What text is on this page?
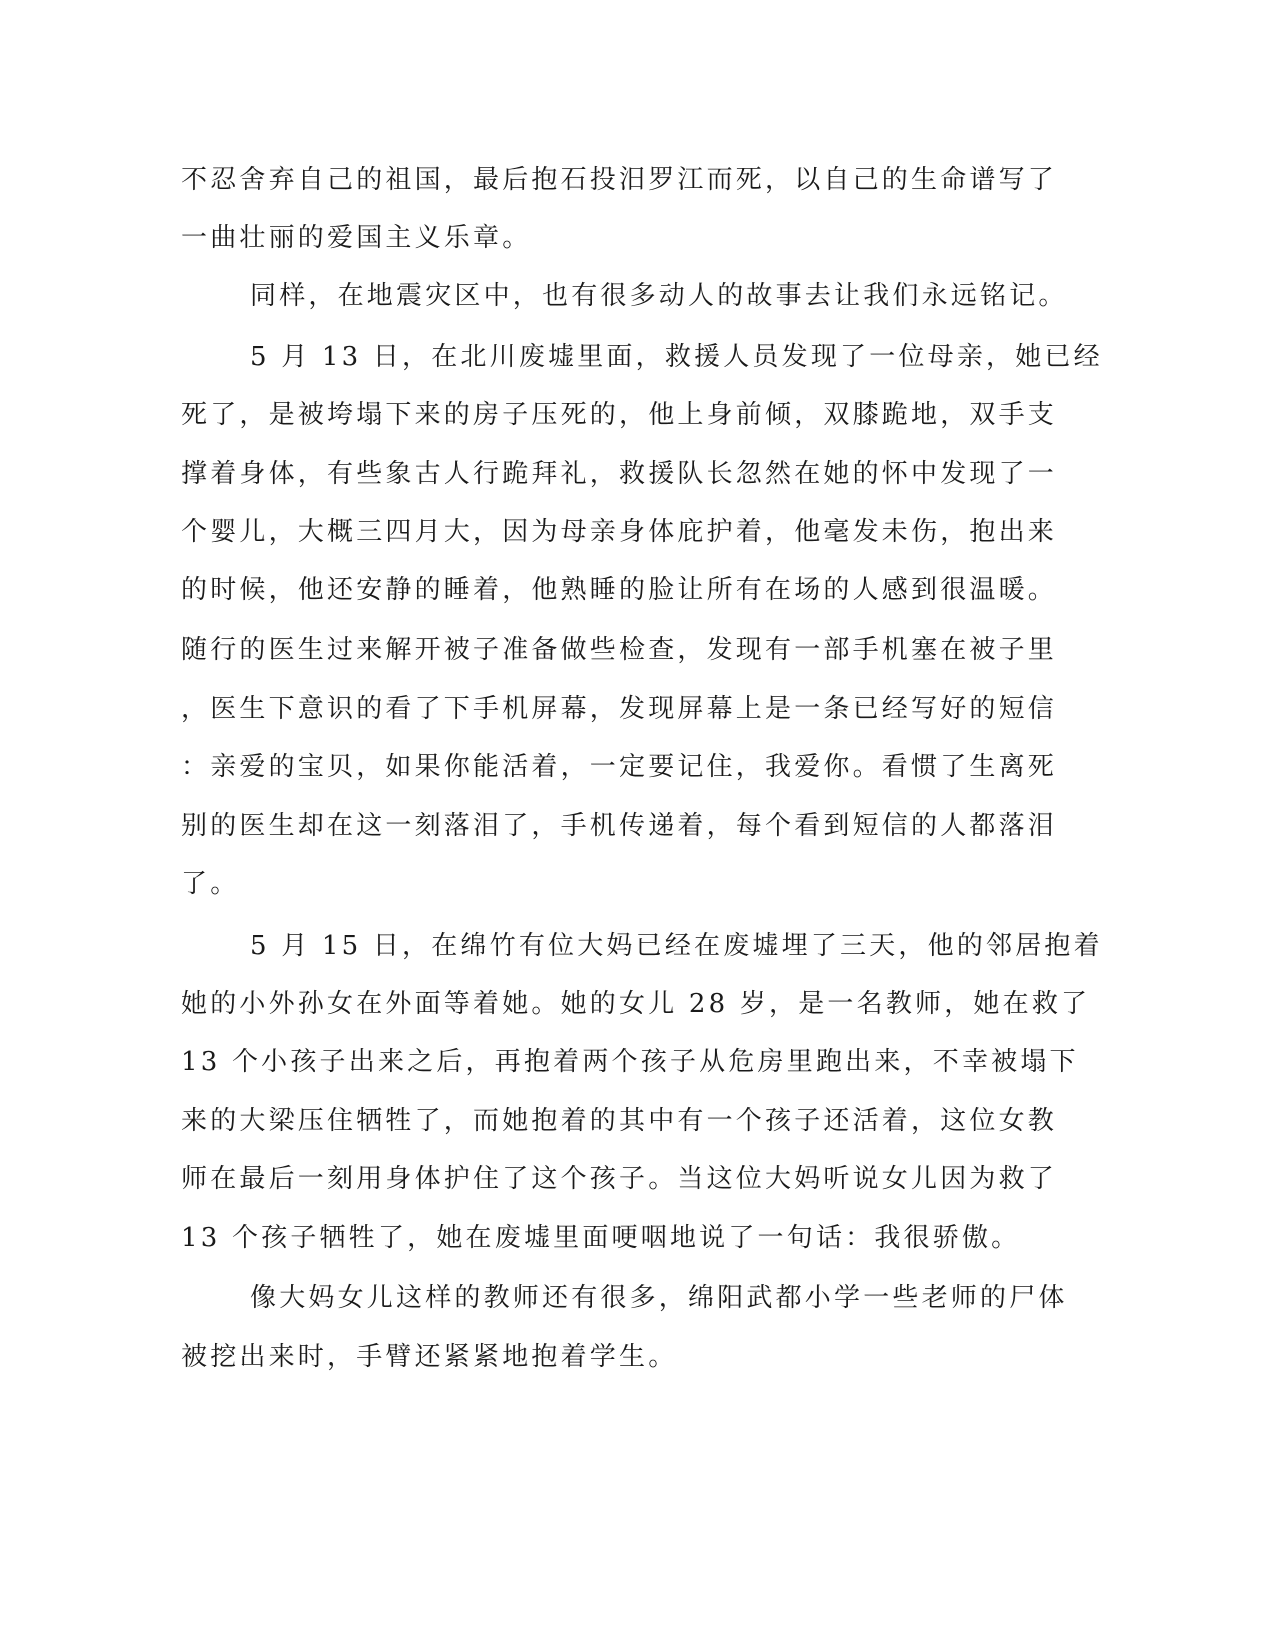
不忍舍弃自己的祖国，最后抱石投汨罗江而死，以自己的生命谱写了
一曲壮丽的爱国主义乐章。
同样，在地震灾区中，也有很多动人的故事去让我们永远铭记。
5 月 13 日，在北川废墟里面，救援人员发现了一位母亲，她已经
死了，是被垮塌下来的房子压死的，他上身前倾，双膝跪地，双手支
撑着身体，有些象古人行跪拜礼，救援队长忽然在她的怀中发现了一
个婴儿，大概三四月大，因为母亲身体庇护着，他毫发未伤，抱出来
的时候，他还安静的睡着，他熟睡的脸让所有在场的人感到很温暖。
随行的医生过来解开被子准备做些检查，发现有一部手机塞在被子里
，医生下意识的看了下手机屏幕，发现屏幕上是一条已经写好的短信
：亲爱的宝贝，如果你能活着，一定要记住，我爱你。看惯了生离死
别的医生却在这一刻落泪了，手机传递着，每个看到短信的人都落泪
了。
5 月 15 日，在绵竹有位大妈已经在废墟埋了三天，他的邻居抱着
她的小外孙女在外面等着她。她的女儿 28 岁，是一名教师，她在救了
13 个小孩子出来之后，再抱着两个孩子从危房里跑出来，不幸被塌下
来的大梁压住牺牲了，而她抱着的其中有一个孩子还活着，这位女教
师在最后一刻用身体护住了这个孩子。当这位大妈听说女儿因为救了
13 个孩子牺牲了，她在废墟里面哽咽地说了一句话：我很骄傲。
像大妈女儿这样的教师还有很多，绵阳武都小学一些老师的尸体
被挖出来时，手臂还紧紧地抱着学生。
